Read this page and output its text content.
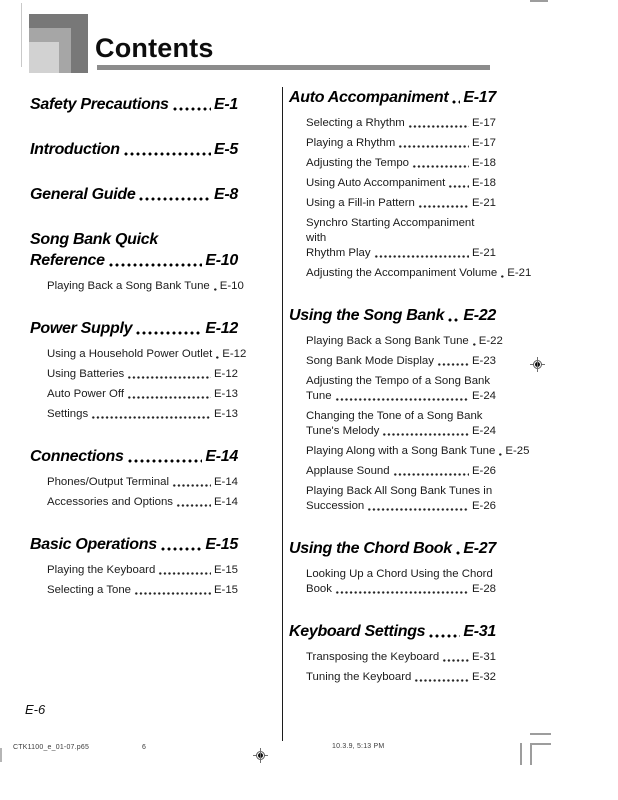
Contents
Safety Precautions	E-1
Introduction	E-5
General Guide	E-8
Song Bank Quick
Reference	E-10
Playing Back a Song Bank Tune E-10
Power Supply	E-12
Using a Household Power Outlet E-12
Using Batteries	E-12
Auto Power Off	E-13
Settings	E-13
Connections	E-14
Phones/Output Terminal	E-14
Accessories and Options	E-14
Basic Operations	E-15
Playing the Keyboard	E-15
Selecting a Tone	E-15
Auto Accompaniment E-17
Selecting a Rhythm	E-17
Playing a Rhythm	E-17
Adjusting the Tempo	E-18
Using Auto Accompaniment E-18
Using a Fill-in Pattern	E-21
Synchro Starting Accompaniment with
Rhythm Play	E-21
Adjusting the Accompaniment Volume E-21
Using the Song Bank E-22
Playing Back a Song Bank Tune E-22
Song Bank Mode Display	E-23
Adjusting the Tempo of a Song Bank
Tune	E-24
Changing the Tone of a Song Bank
Tune's Melody	E-24
Playing Along with a Song Bank Tune E-25
Applause Sound	E-26
Playing Back All Song Bank Tunes in
Succession	E-26
Using the Chord Book E-27
Looking Up a Chord Using the Chord
Book	E-28
Keyboard Settings E-31
Transposing the Keyboard	E-31
Tuning the Keyboard	E-32
E-6
CTK1100_e_01-07.p65	6	10.3.9, 5:13 PM
